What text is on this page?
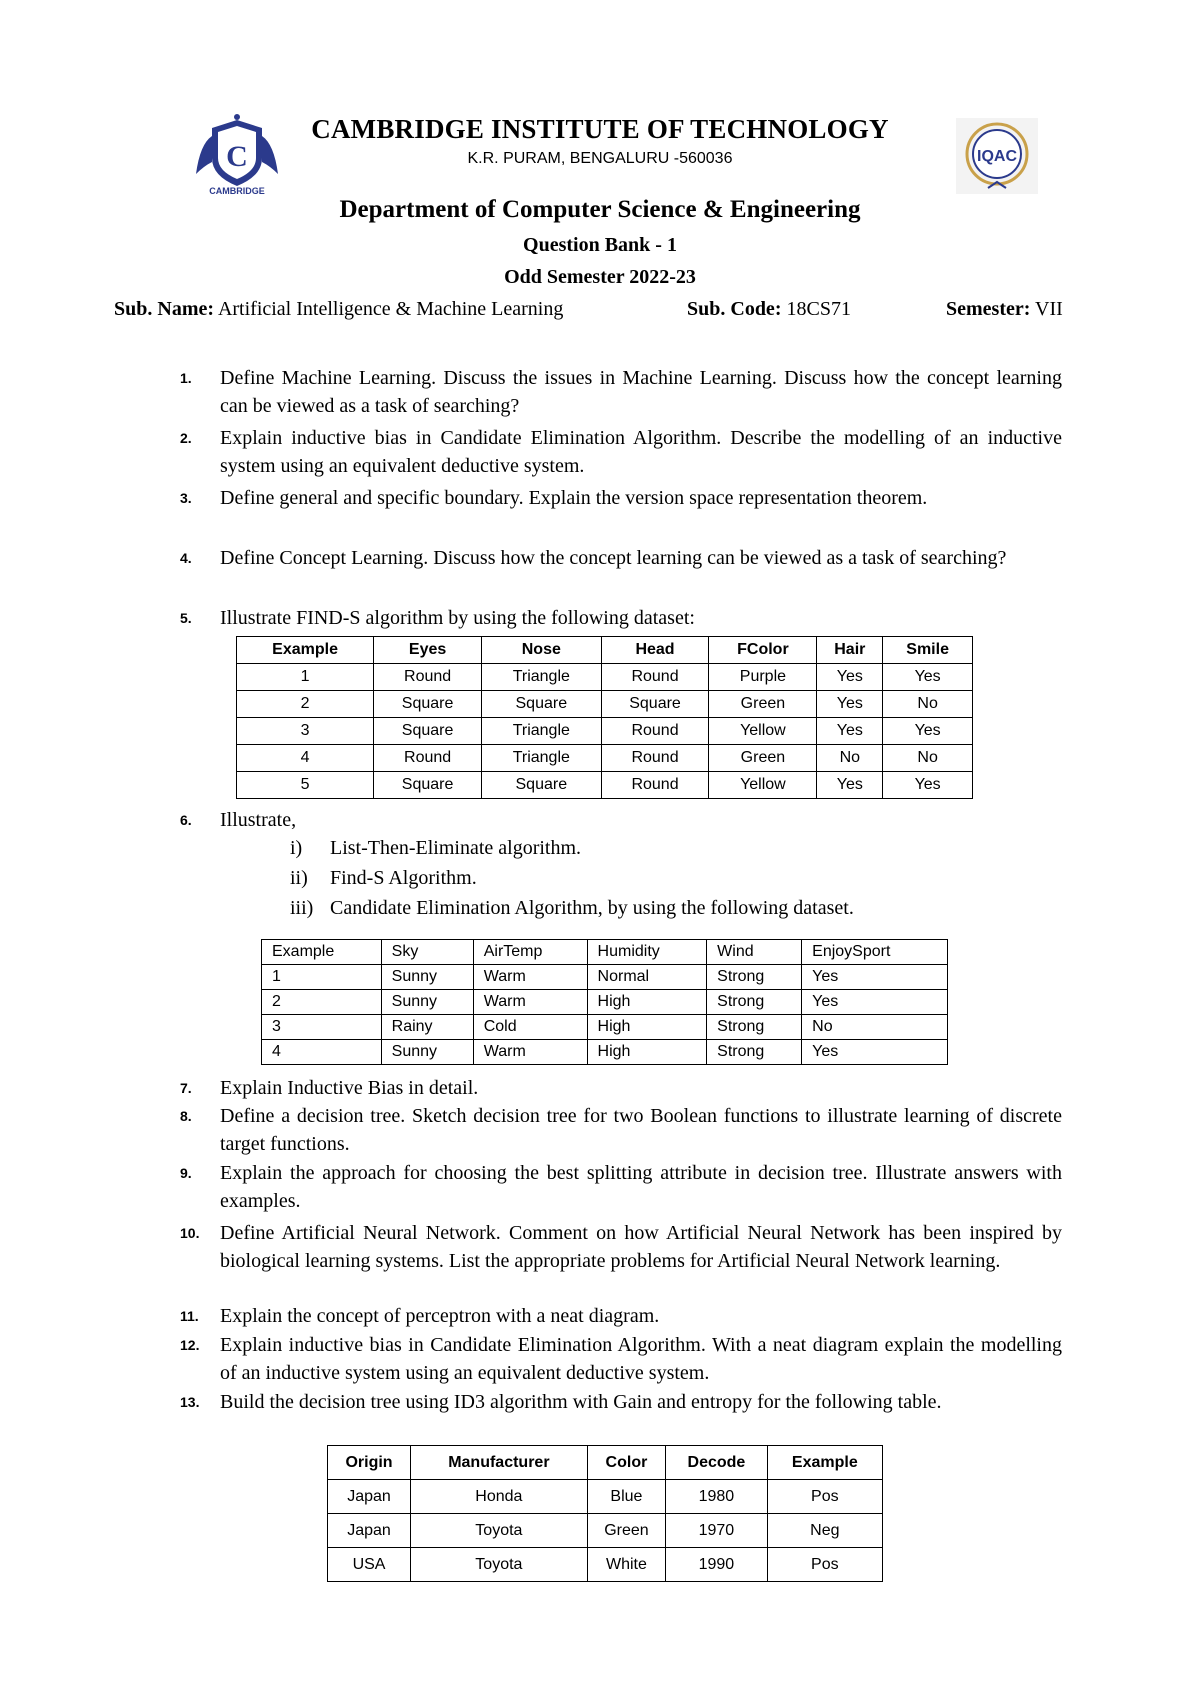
C
CAMBRIDGE
IQAC
CAMBRIDGE INSTITUTE OF TECHNOLOGY
K.R. PURAM, BENGALURU -560036
Department of Computer Science & Engineering
Question Bank - 1
Odd Semester 2022-23
Sub. Name: Artificial Intelligence & Machine Learning	Sub. Code: 18CS71	Semester: VII
1.	Define Machine Learning. Discuss the issues in Machine Learning. Discuss how the concept learning can be viewed as a task of searching?
2.	Explain inductive bias in Candidate Elimination Algorithm. Describe the modelling of an inductive system using an equivalent deductive system.
3.	Define general and specific boundary. Explain the version space representation theorem.
4.	Define Concept Learning. Discuss how the concept learning can be viewed as a task of searching?
5.	Illustrate FIND-S algorithm by using the following dataset:
Example	Eyes	Nose	Head	FColor	Hair	Smile
1	Round	Triangle	Round	Purple	Yes	Yes
2	Square	Square	Square	Green	Yes	No
3	Square	Triangle	Round	Yellow	Yes	Yes
4	Round	Triangle	Round	Green	No	No
5	Square	Square	Round	Yellow	Yes	Yes
6.	Illustrate,
i) List-Then-Eliminate algorithm.
ii) Find-S Algorithm.
iii) Candidate Elimination Algorithm, by using the following dataset.
Example	Sky	AirTemp	Humidity	Wind	EnjoySport
1	Sunny	Warm	Normal	Strong	Yes
2	Sunny	Warm	High	Strong	Yes
3	Rainy	Cold	High	Strong	No
4	Sunny	Warm	High	Strong	Yes
7.	Explain Inductive Bias in detail.
8.	Define a decision tree. Sketch decision tree for two Boolean functions to illustrate learning of discrete target functions.
9.	Explain the approach for choosing the best splitting attribute in decision tree. Illustrate answers with examples.
10.	Define Artificial Neural Network. Comment on how Artificial Neural Network has been inspired by biological learning systems. List the appropriate problems for Artificial Neural Network learning.
11.	Explain the concept of perceptron with a neat diagram.
12.	Explain inductive bias in Candidate Elimination Algorithm. With a neat diagram explain the modelling of an inductive system using an equivalent deductive system.
13.	Build the decision tree using ID3 algorithm with Gain and entropy for the following table.
Origin	Manufacturer	Color	Decode	Example
Japan	Honda	Blue	1980	Pos
Japan	Toyota	Green	1970	Neg
USA	Toyota	White	1990	Pos
